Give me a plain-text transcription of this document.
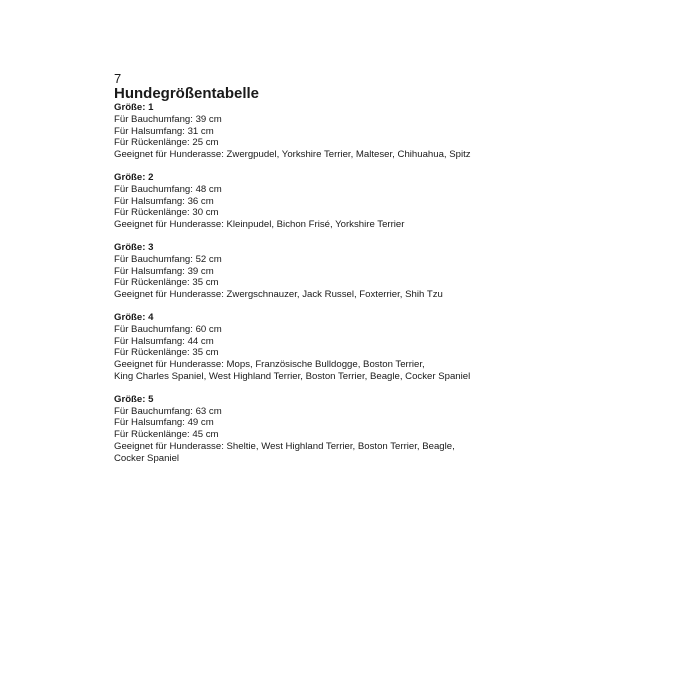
7

Hundegrößentabelle

Größe: 1

Für Bauchumfang: 39 cm

Für Halsumfang: 31 cm

Für Rückenlänge: 25 cm

Geeignet für Hunderasse: Zwergpudel, Yorkshire Terrier, Malteser, Chihuahua, Spitz

Größe: 2

Für Bauchumfang: 48 cm

Für Halsumfang: 36 cm

Für Rückenlänge: 30 cm

Geeignet für Hunderasse: Kleinpudel, Bichon Frisé, Yorkshire Terrier

Größe: 3

Für Bauchumfang: 52 cm

Für Halsumfang: 39 cm

Für Rückenlänge: 35 cm

Geeignet für Hunderasse: Zwergschnauzer, Jack Russel, Foxterrier, Shih Tzu

Größe: 4

Für Bauchumfang: 60 cm

Für Halsumfang: 44 cm

Für Rückenlänge: 35 cm

Geeignet für Hunderasse: Mops, Französische Bulldogge, Boston Terrier,

King Charles Spaniel, West Highland Terrier, Boston Terrier, Beagle, Cocker Spaniel

Größe: 5

Für Bauchumfang: 63 cm

Für Halsumfang: 49 cm

Für Rückenlänge: 45 cm

Geeignet für Hunderasse: Sheltie, West Highland Terrier, Boston Terrier, Beagle,

Cocker Spaniel
